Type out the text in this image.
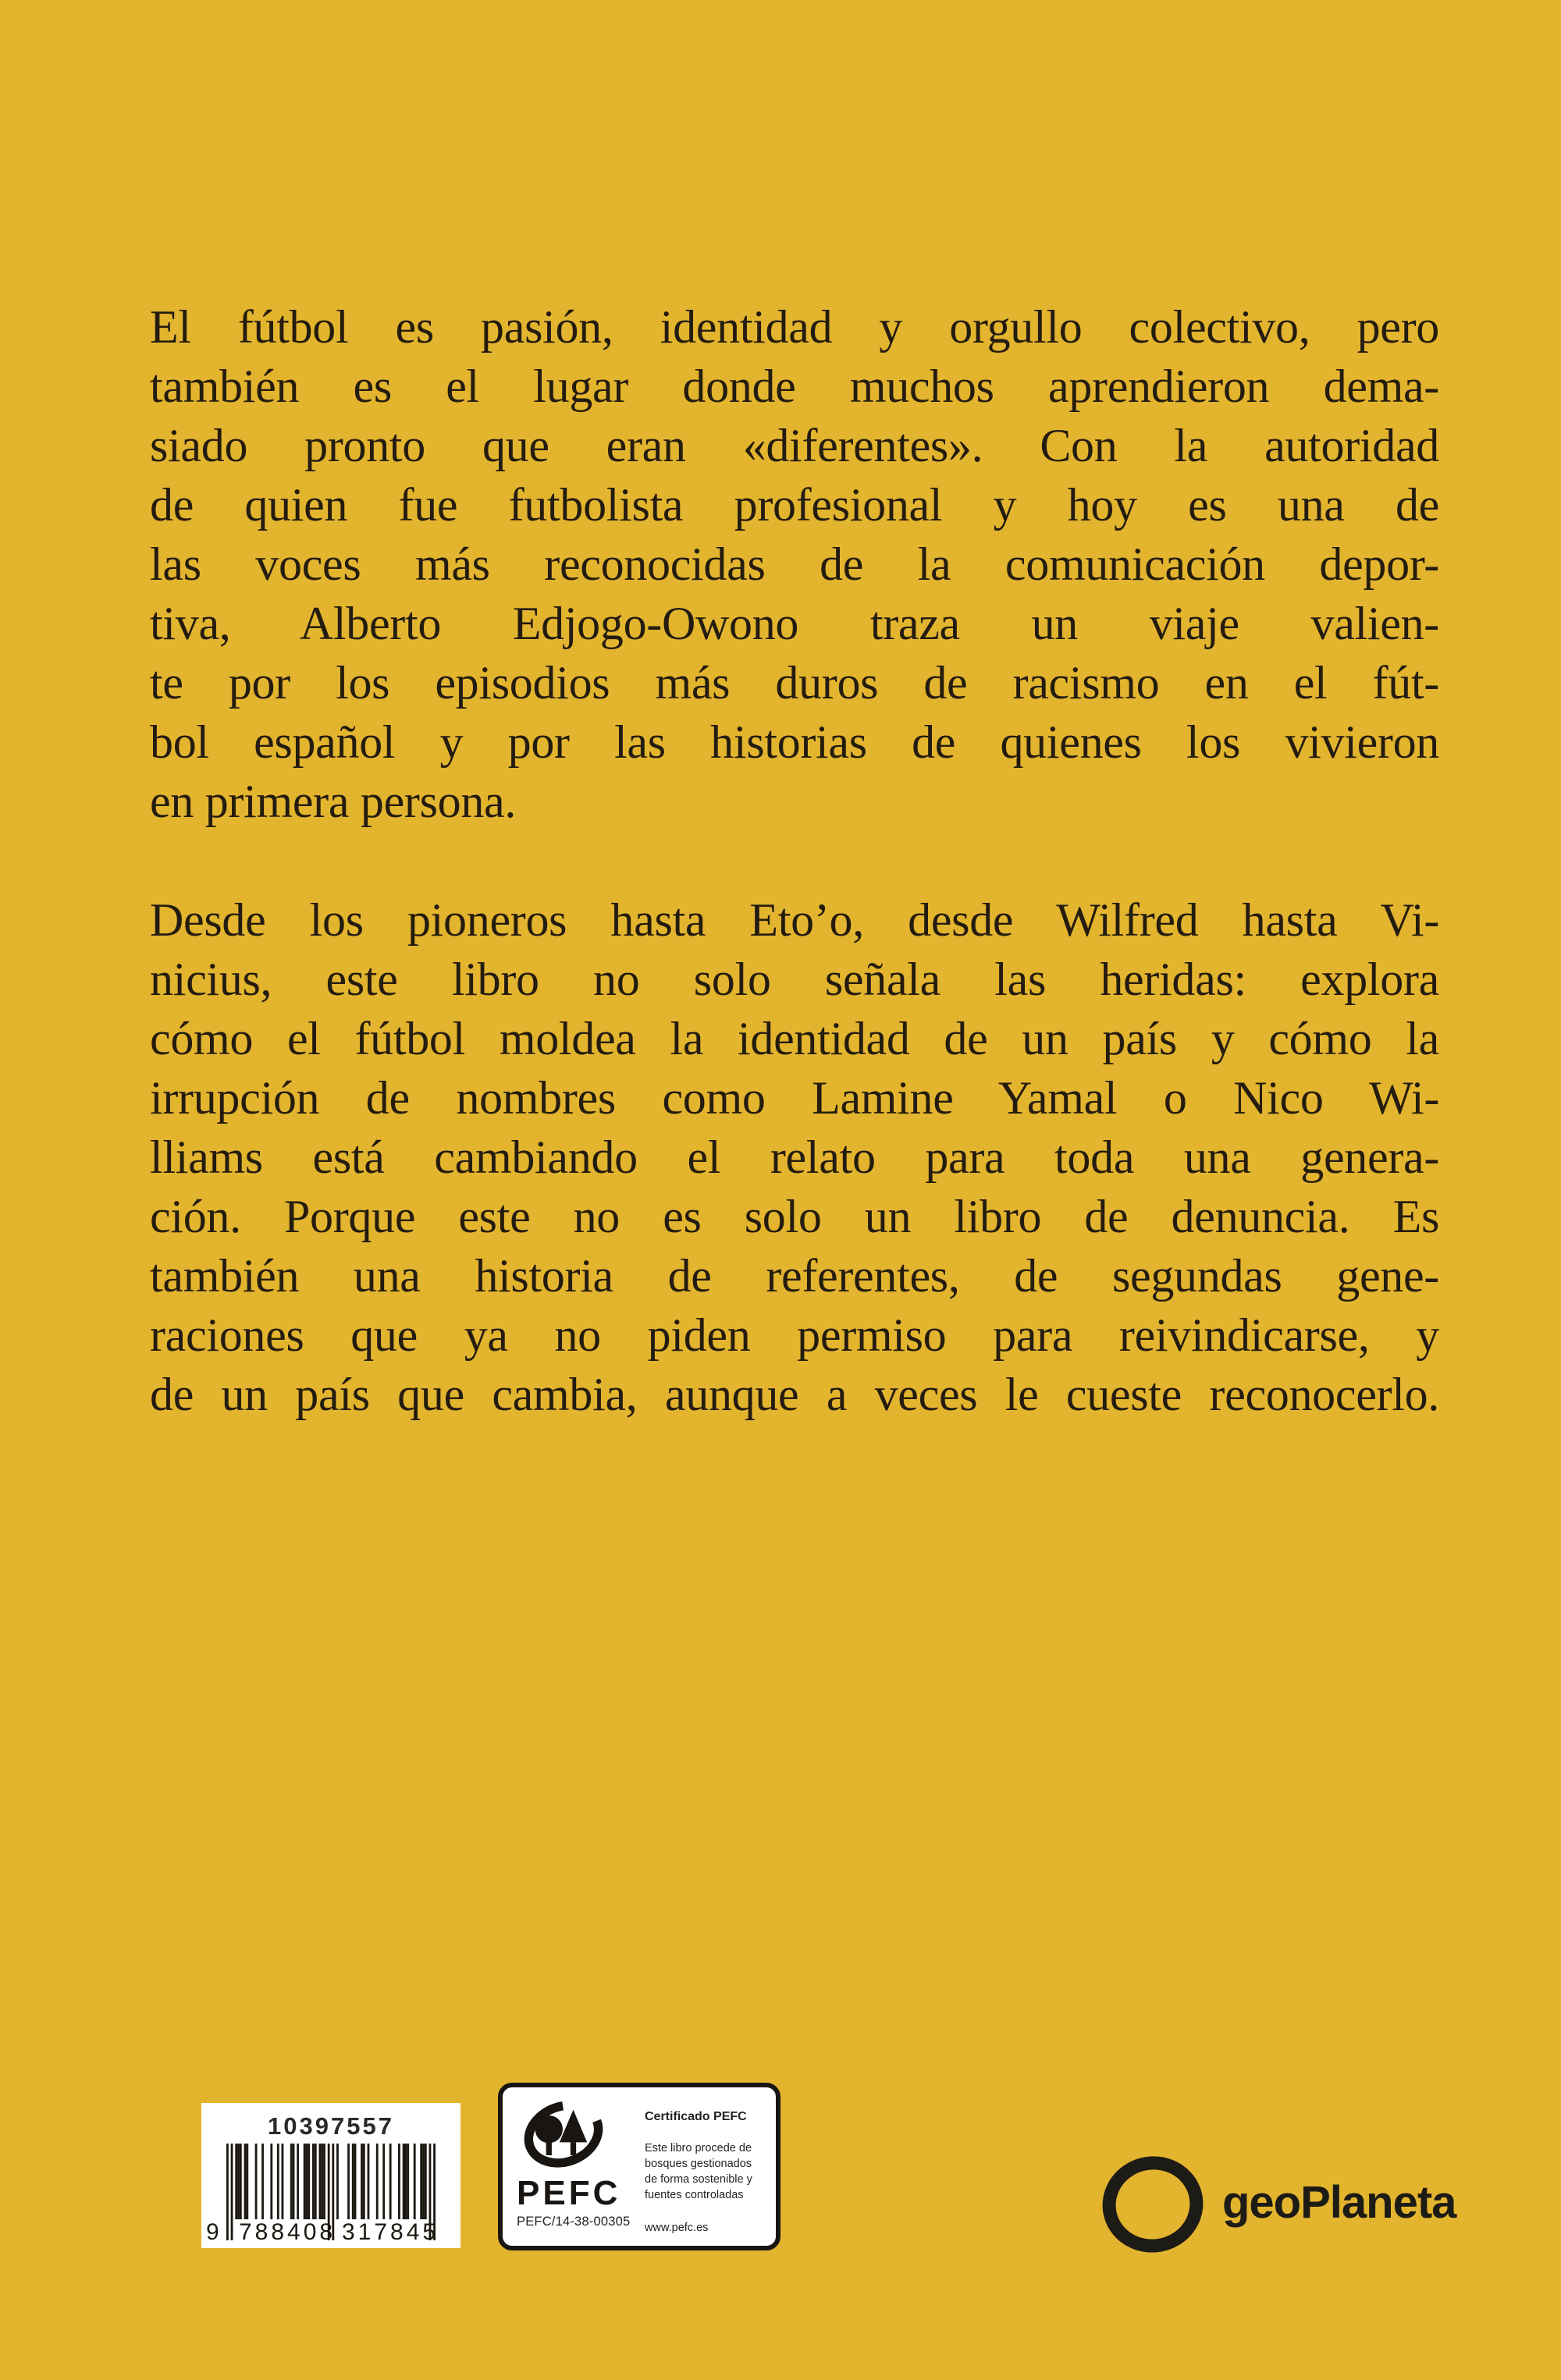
El fútbol es pasión, identidad y orgullo colectivo, pero
también es el lugar donde muchos aprendieron dema-
siado pronto que eran «diferentes». Con la autoridad
de quien fue futbolista profesional y hoy es una de
las voces más reconocidas de la comunicación depor-
tiva, Alberto Edjogo-Owono traza un viaje valien-
te por los episodios más duros de racismo en el fút-
bol español y por las historias de quienes los vivieron
en primera persona.
Desde los pioneros hasta Eto’o, desde Wilfred hasta Vi-
nicius, este libro no solo señala las heridas: explora
cómo el fútbol moldea la identidad de un país y cómo la
irrupción de nombres como Lamine Yamal o Nico Wi-
lliams está cambiando el relato para toda una genera-
ción. Porque este no es solo un libro de denuncia. Es
también una historia de referentes, de segundas gene-
raciones que ya no piden permiso para reivindicarse, y
de un país que cambia, aunque a veces le cueste reconocerlo.
10397557
9 788408 317845
PEFC
PEFC/14-38-00305
Certificado PEFC
Este libro procede de bosques gestionados de forma sostenible y fuentes controladas
www.pefc.es
geoPlaneta
